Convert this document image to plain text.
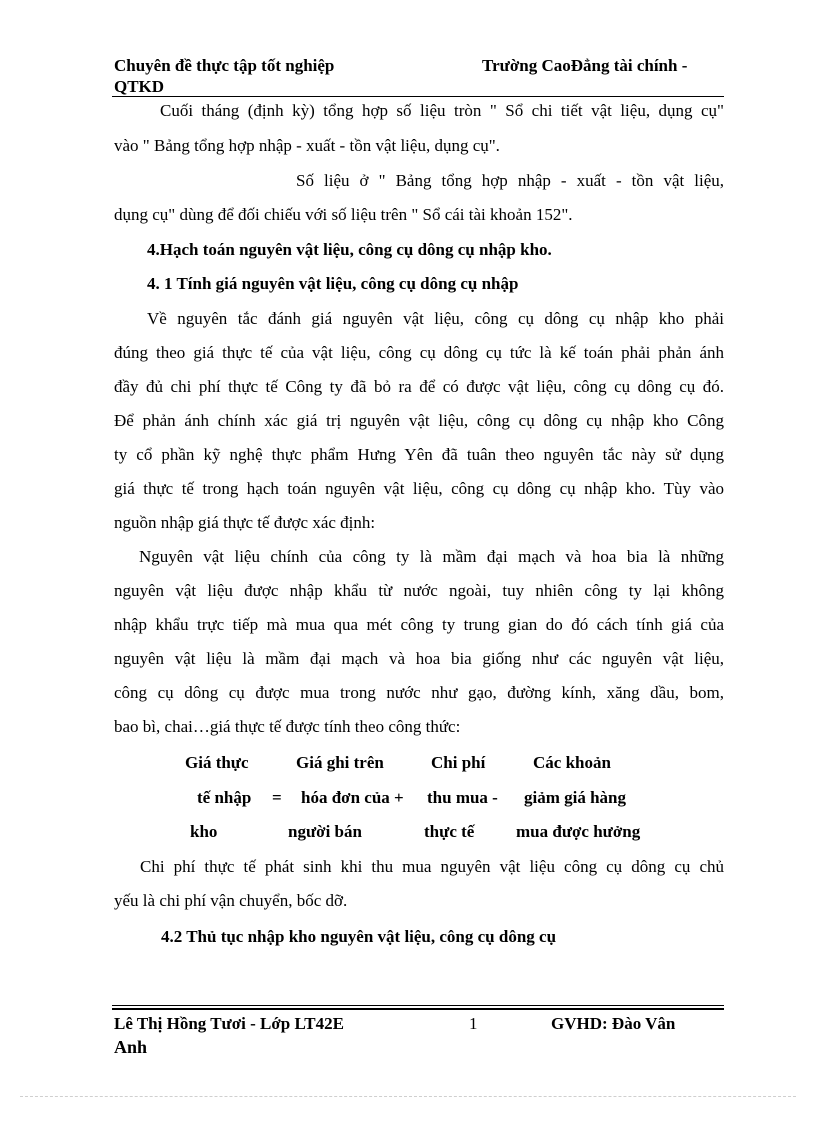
Chuyên đề thực tập tốt nghiệp	Trường CaoĐẳng tài chính -
QTKD
Cuối tháng (định kỳ) tổng hợp số liệu tròn " Sổ chi tiết vật liệu, dụng cụ"
vào " Bảng tổng hợp nhập - xuất - tồn vật liệu, dụng cụ".
Số liệu ở " Bảng tổng hợp nhập - xuất - tồn vật liệu,
dụng cụ" dùng để đối chiếu với số liệu trên " Sổ cái tài khoản 152".
4.Hạch toán nguyên vật liệu, công cụ dông cụ nhập kho.
4. 1 Tính giá nguyên vật liệu, công cụ dông cụ nhập
Về nguyên tắc đánh giá nguyên vật liệu, công cụ dông cụ nhập kho phải
đúng theo giá thực tế của vật liệu, công cụ dông cụ tức là kế toán phải phản ánh
đầy đủ chi phí thực tế Công ty đã bỏ ra để có được vật liệu, công cụ dông cụ đó.
Để phản ánh chính xác giá trị nguyên vật liệu, công cụ dông cụ nhập kho Công
ty cổ phần kỹ nghệ thực phẩm Hưng Yên đã tuân theo nguyên tắc này sử dụng
giá thực tế trong hạch toán nguyên vật liệu, công cụ dông cụ nhập kho. Tùy vào
nguồn nhập giá thực tế được xác định:
Nguyên vật liệu chính của công ty là mầm đại mạch và hoa bia là những
nguyên vật liệu được nhập khẩu từ nước ngoài, tuy nhiên công ty lại không
nhập khẩu trực tiếp mà mua qua mét công ty trung gian do đó cách tính giá của
nguyên vật liệu là mầm đại mạch và hoa bia giống như các nguyên vật liệu,
công cụ dông cụ được mua trong nước như gạo, đường kính, xăng dầu, bom,
bao bì, chai…giá thực tế được tính theo công thức:
Giá thực	Giá ghi trên	Chi phí	Các khoản
tế nhập = hóa đơn của + thu mua - giảm giá hàng
kho	người bán	thực tế mua được hưởng
Chi phí thực tế phát sinh khi thu mua nguyên vật liệu công cụ dông cụ chủ
yếu là chi phí vận chuyển, bốc dỡ.
4.2 Thủ tục nhập kho nguyên vật liệu, công cụ dông cụ
Lê Thị Hồng Tươi - Lớp LT42E
Anh
1	GVHD: Đào Vân
